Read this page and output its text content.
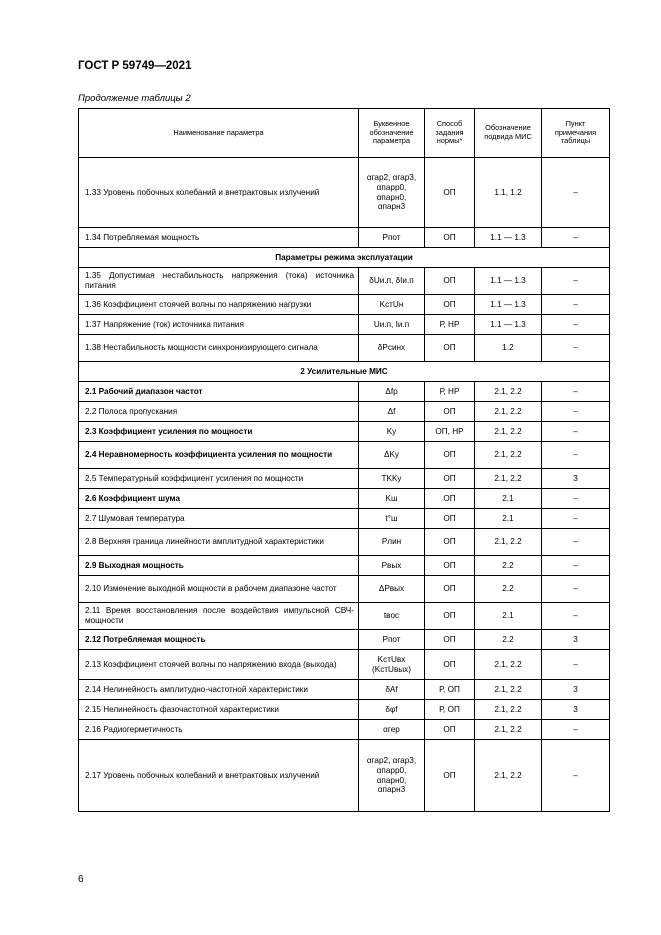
ГОСТ Р 59749—2021
Продолжение таблицы 2
Наименование параметра	Буквенное обозначение параметра	Способ задания нормы*	Обозначение подвида МИС	Пункт примечания таблицы
1.33 Уровень побочных колебаний и внетрактовых излучений	αгар2, αгар3, αпарр0, αпарн0, αпарн3	ОП	1.1, 1.2	–
1.34 Потребляемая мощность	Pпот	ОП	1.1 — 1.3	–
Параметры режима эксплуатации				
1.35 Допустимая нестабильность напряжения (тока) источника питания	δUи.п, δIи.п	ОП	1.1 — 1.3	–
1.36 Коэффициент стоячей волны по напряжению нагрузки	KстUн	ОП	1.1 — 1.3	–
1.37 Напряжение (ток) источника питания	Uи.п, Iи.п	Р, НР	1.1 — 1.3	–
1.38 Нестабильность мощности синхронизирующего сигнала	δPсинх	ОП	1.2	–
2 Усилительные МИС				
2.1 Рабочий диапазон частот	Δfр	Р, НР	2.1, 2.2	–
2.2 Полоса пропускания	Δf	ОП	2.1, 2.2	–
2.3 Коэффициент усиления по мощности	Kу	ОП, НР	2.1, 2.2	–
2.4 Неравномерность коэффициента усиления по мощности	ΔKу	ОП	2.1, 2.2	–
2.5 Температурный коэффициент усиления по мощности	TKKу	ОП	2.1, 2.2	3
2.6 Коэффициент шума	Kш	ОП	2.1	–
2.7 Шумовая температура	t°ш	ОП	2.1	–
2.8 Верхняя граница линейности амплитудной характеристики	Pлин	ОП	2.1, 2.2	–
2.9 Выходная мощность	Pвых	ОП	2.2	–
2.10 Изменение выходной мощности в рабочем диапазоне частот	ΔPвых	ОП	2.2	–
2.11 Время восстановления после воздействия импульсной СВЧ-мощности	tвос	ОП	2.1	–
2.12 Потребляемая мощность	Pпот	ОП	2.2	3
2.13 Коэффициент стоячей волны по напряжению входа (выхода)	KстUвх (KстUвых)	ОП	2.1, 2.2	–
2.14 Нелинейность амплитудно-частотной характеристики	δAf	Р, ОП	2.1, 2.2	3
2.15 Нелинейность фазочастотной характеристики	δφf	Р, ОП	2.1, 2.2	3
2.16 Радиогерметичность	αгер	ОП	2.1, 2.2	–
2.17 Уровень побочных колебаний и внетрактовых излучений	αгар2, αгар3, αпарр0, αпарн0, αпарн3	ОП	2.1, 2.2	–
6
